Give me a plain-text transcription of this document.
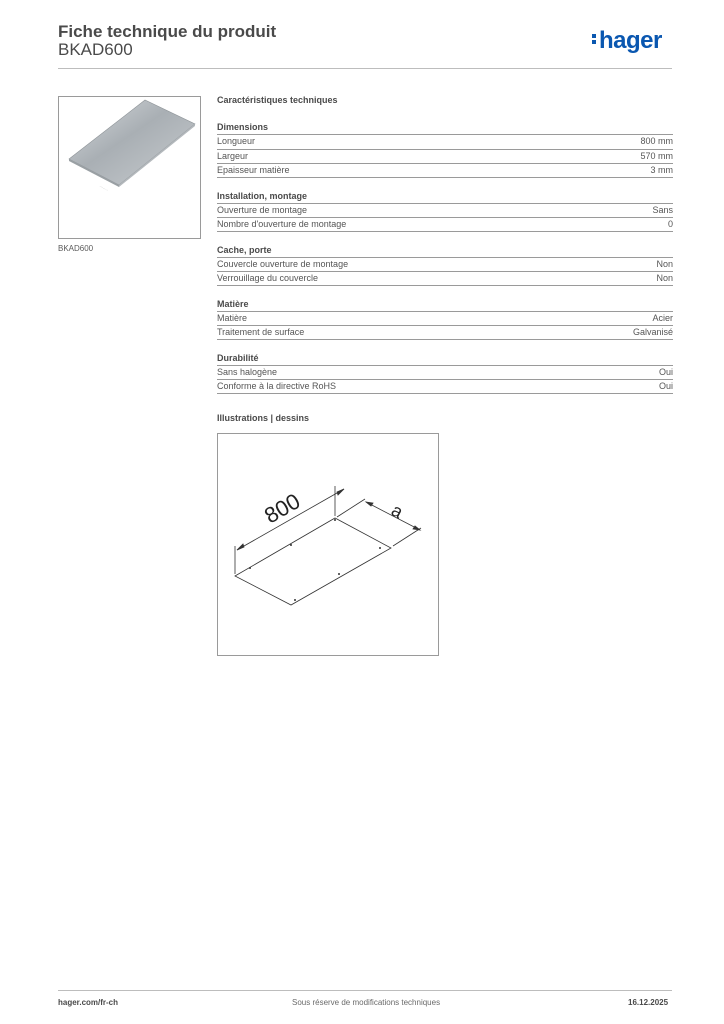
Fiche technique du produit
BKAD600	hager
·······
BKAD600
Caractéristiques techniques
Dimensions
Longueur	800 mm
Largeur	570 mm
Epaisseur matière	3 mm
Installation, montage
Ouverture de montage	Sans
Nombre d'ouverture de montage	0
Cache, porte
Couvercle ouverture de montage	Non
Verrouillage du couvercle	Non
Matière
Matière	Acier
Traitement de surface	Galvanisé
Durabilité
Sans halogène	Oui
Conforme à la directive RoHS	Oui
Illustrations | dessins
800	a
hager.com/fr-ch	Sous réserve de modifications techniques	16.12.2025
